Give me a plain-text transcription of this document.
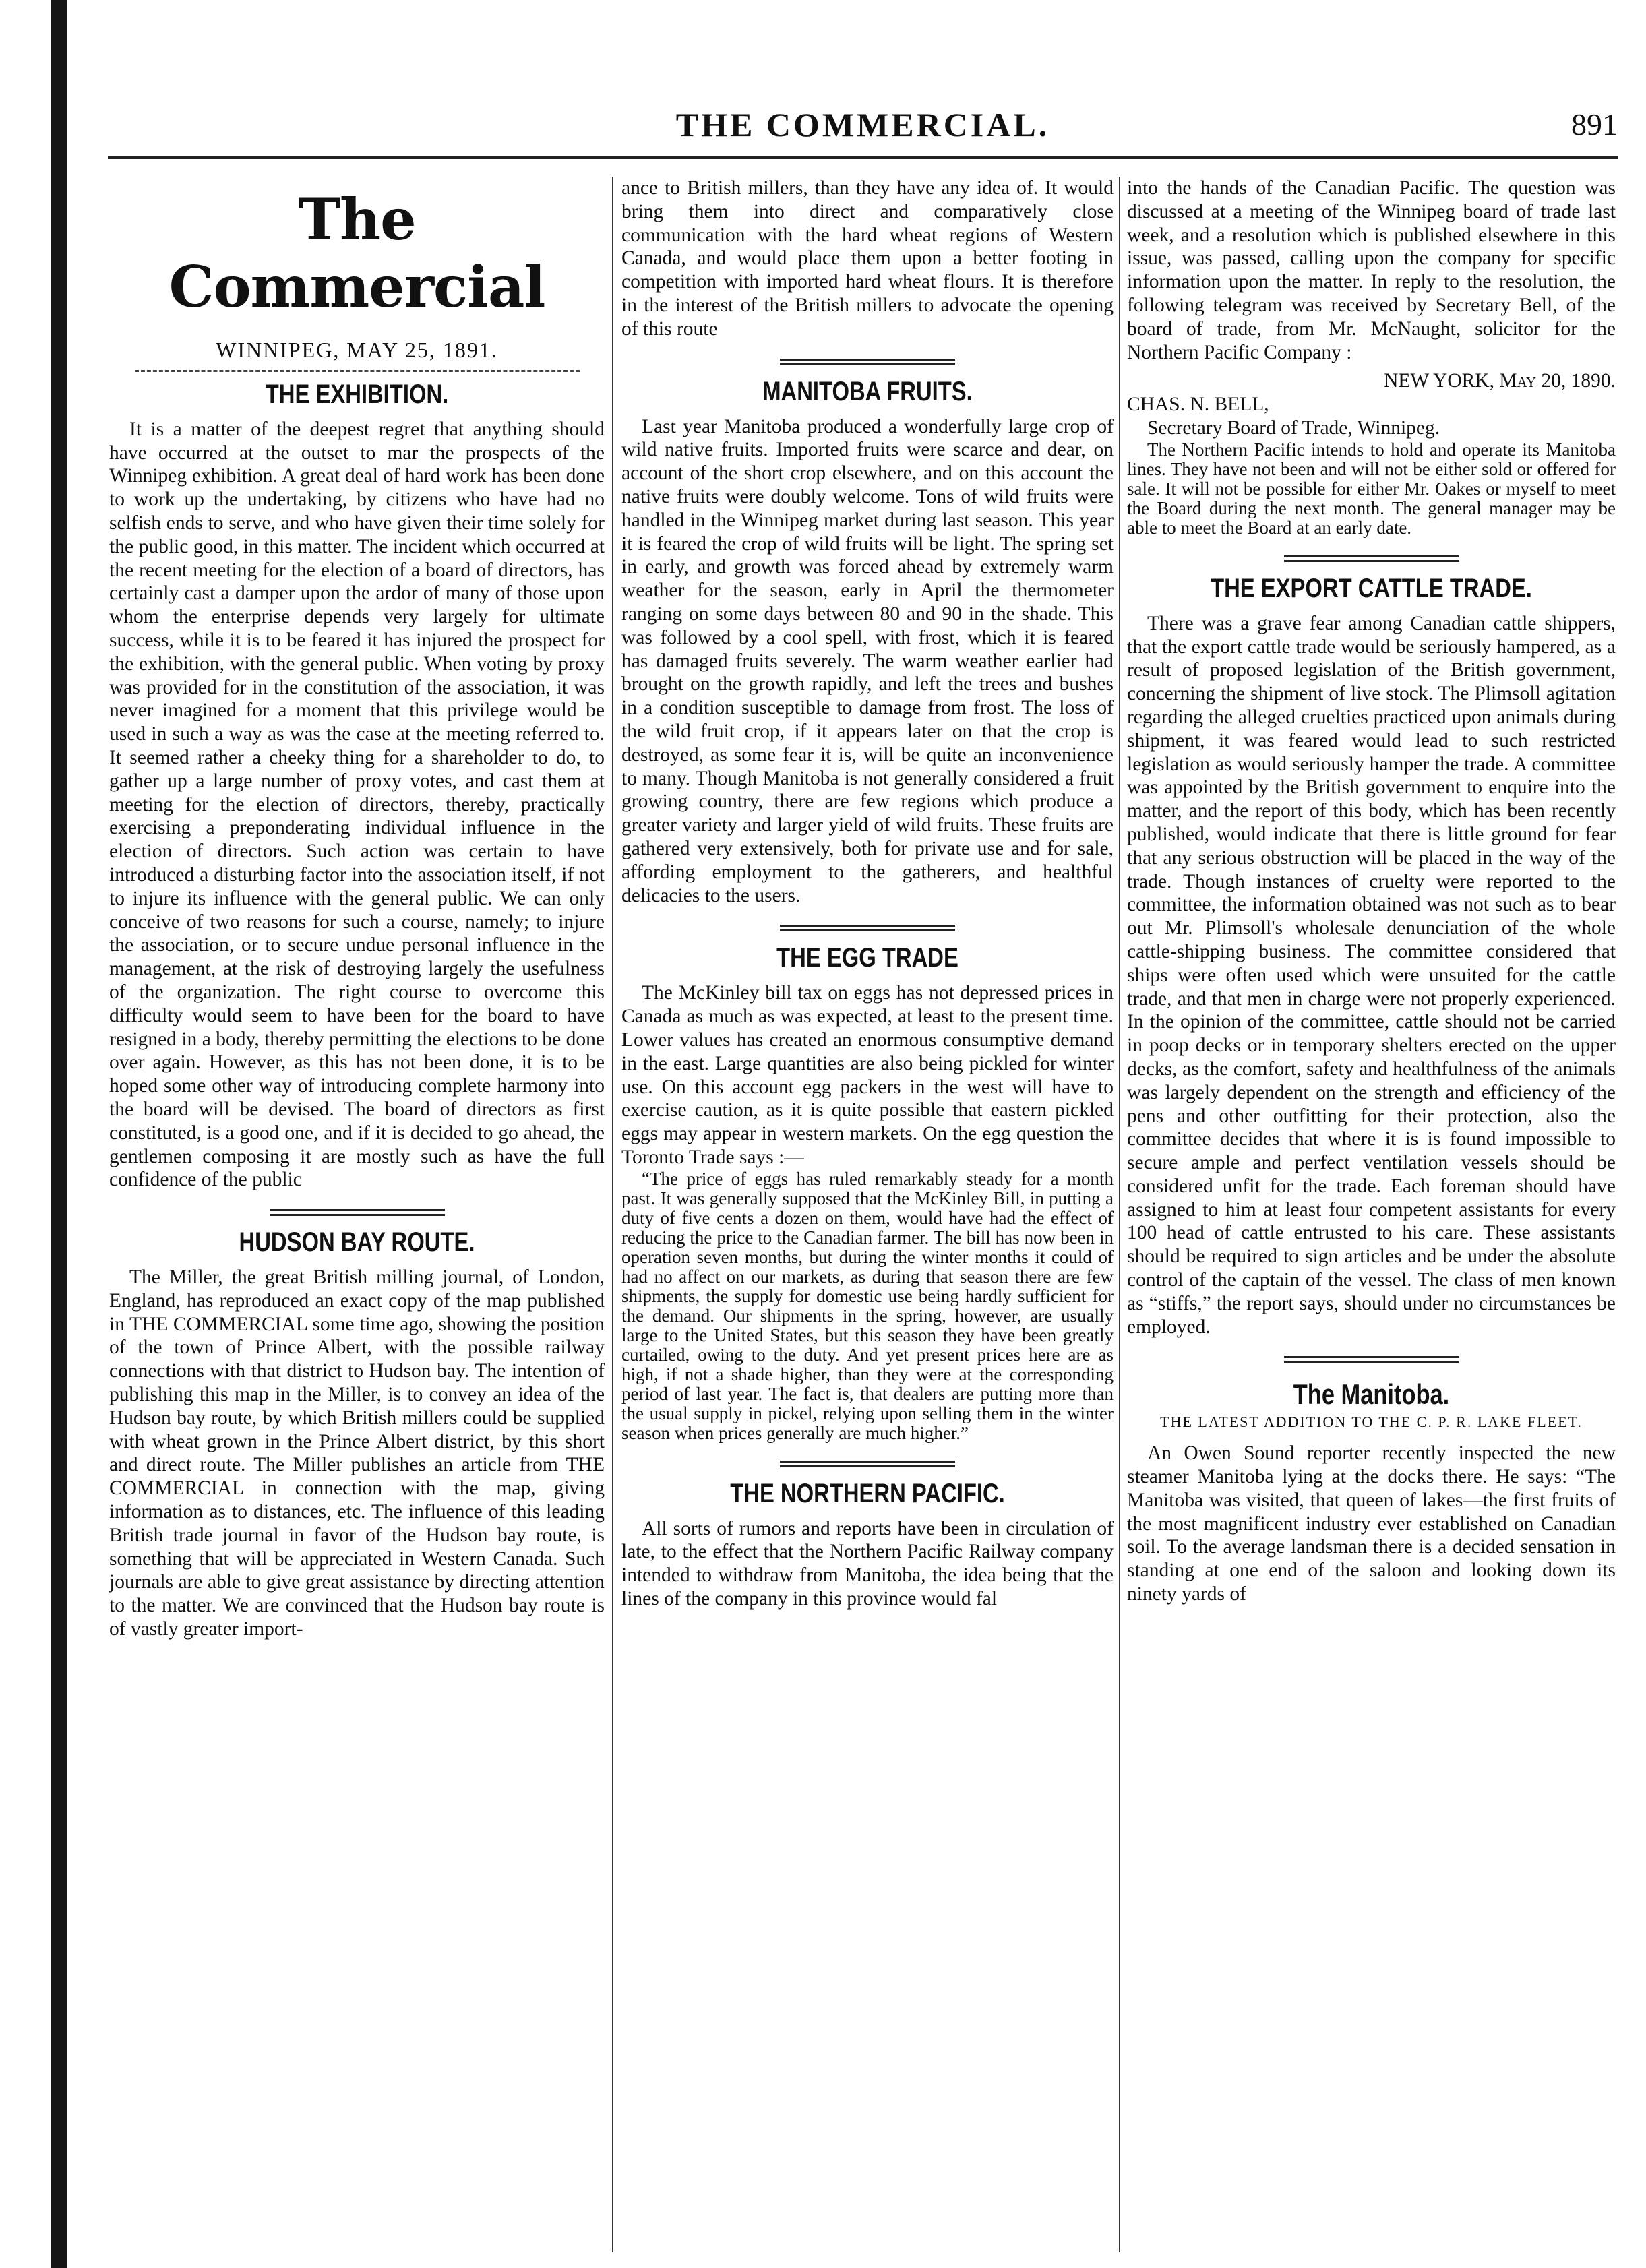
THE COMMERCIAL.	891
The Commercial
WINNIPEG, MAY 25, 1891.
THE EXHIBITION.

It is a matter of the deepest regret that anything should have occurred at the outset to mar the prospects of the Winnipeg exhibition. A great deal of hard work has been done to work up the undertaking, by citizens who have had no selfish ends to serve, and who have given their time solely for the public good, in this matter. The incident which occurred at the recent meeting for the election of a board of directors, has certainly cast a damper upon the ardor of many of those upon whom the enterprise depends very largely for ultimate success, while it is to be feared it has injured the prospect for the exhibition, with the general public. When voting by proxy was provided for in the constitution of the association, it was never imagined for a moment that this privilege would be used in such a way as was the case at the meeting referred to. It seemed rather a cheeky thing for a shareholder to do, to gather up a large number of proxy votes, and cast them at meeting for the election of directors, thereby, practically exercising a preponderating individual influence in the election of directors. Such action was certain to have introduced a disturbing factor into the association itself, if not to injure its influence with the general public. We can only conceive of two reasons for such a course, namely; to injure the association, or to secure undue personal influence in the management, at the risk of destroying largely the usefulness of the organization. The right course to overcome this difficulty would seem to have been for the board to have resigned in a body, thereby permitting the elections to be done over again. However, as this has not been done, it is to be hoped some other way of introducing complete harmony into the board will be devised. The board of directors as first constituted, is a good one, and if it is decided to go ahead, the gentlemen composing it are mostly such as have the full confidence of the public

HUDSON BAY ROUTE.

The Miller, the great British milling journal, of London, England, has reproduced an exact copy of the map published in THE COMMERCIAL some time ago, showing the position of the town of Prince Albert, with the possible railway connections with that district to Hudson bay. The intention of publishing this map in the Miller, is to convey an idea of the Hudson bay route, by which British millers could be supplied with wheat grown in the Prince Albert district, by this short and direct route. The Miller publishes an article from THE COMMERCIAL in connection with the map, giving information as to distances, etc. The influence of this leading British trade journal in favor of the Hudson bay route, is something that will be appreciated in Western Canada. Such journals are able to give great assistance by directing attention to the matter. We are convinced that the Hudson bay route is of vastly greater import-

ance to British millers, than they have any idea of. It would bring them into direct and comparatively close communication with the hard wheat regions of Western Canada, and would place them upon a better footing in competition with imported hard wheat flours. It is therefore in the interest of the British millers to advocate the opening of this route

MANITOBA FRUITS.

Last year Manitoba produced a wonderfully large crop of wild native fruits. Imported fruits were scarce and dear, on account of the short crop elsewhere, and on this account the native fruits were doubly welcome. Tons of wild fruits were handled in the Winnipeg market during last season. This year it is feared the crop of wild fruits will be light. The spring set in early, and growth was forced ahead by extremely warm weather for the season, early in April the thermometer ranging on some days between 80 and 90 in the shade. This was followed by a cool spell, with frost, which it is feared has damaged fruits severely. The warm weather earlier had brought on the growth rapidly, and left the trees and bushes in a condition susceptible to damage from frost. The loss of the wild fruit crop, if it appears later on that the crop is destroyed, as some fear it is, will be quite an inconvenience to many. Though Manitoba is not generally considered a fruit growing country, there are few regions which produce a greater variety and larger yield of wild fruits. These fruits are gathered very extensively, both for private use and for sale, affording employment to the gatherers, and healthful delicacies to the users.

THE EGG TRADE

The McKinley bill tax on eggs has not depressed prices in Canada as much as was expected, at least to the present time. Lower values has created an enormous consumptive demand in the east. Large quantities are also being pickled for winter use. On this account egg packers in the west will have to exercise caution, as it is quite possible that eastern pickled eggs may appear in western markets. On the egg question the Toronto Trade says :—

“The price of eggs has ruled remarkably steady for a month past. It was generally supposed that the McKinley Bill, in putting a duty of five cents a dozen on them, would have had the effect of reducing the price to the Canadian farmer. The bill has now been in operation seven months, but during the winter months it could of had no affect on our markets, as during that season there are few shipments, the supply for domestic use being hardly sufficient for the demand. Our shipments in the spring, however, are usually large to the United States, but this season they have been greatly curtailed, owing to the duty. And yet present prices here are as high, if not a shade higher, than they were at the corresponding period of last year. The fact is, that dealers are putting more than the usual supply in pickel, relying upon selling them in the winter season when prices generally are much higher.”

THE NORTHERN PACIFIC.

All sorts of rumors and reports have been in circulation of late, to the effect that the Northern Pacific Railway company intended to withdraw from Manitoba, the idea being that the lines of the company in this province would fal

into the hands of the Canadian Pacific. The question was discussed at a meeting of the Winnipeg board of trade last week, and a resolution which is published elsewhere in this issue, was passed, calling upon the company for specific information upon the matter. In reply to the resolution, the following telegram was received by Secretary Bell, of the board of trade, from Mr. McNaught, solicitor for the Northern Pacific Company :

NEW YORK, May 20, 1890.

CHAS. N. BELL,

Secretary Board of Trade, Winnipeg.

The Northern Pacific intends to hold and operate its Manitoba lines. They have not been and will not be either sold or offered for sale. It will not be possible for either Mr. Oakes or myself to meet the Board during the next month. The general manager may be able to meet the Board at an early date.

THE EXPORT CATTLE TRADE.

There was a grave fear among Canadian cattle shippers, that the export cattle trade would be seriously hampered, as a result of proposed legislation of the British government, concerning the shipment of live stock. The Plimsoll agitation regarding the alleged cruelties practiced upon animals during shipment, it was feared would lead to such restricted legislation as would seriously hamper the trade. A committee was appointed by the British government to enquire into the matter, and the report of this body, which has been recently published, would indicate that there is little ground for fear that any serious obstruction will be placed in the way of the trade. Though instances of cruelty were reported to the committee, the information obtained was not such as to bear out Mr. Plimsoll's wholesale denunciation of the whole cattle-shipping business. The committee considered that ships were often used which were unsuited for the cattle trade, and that men in charge were not properly experienced. In the opinion of the committee, cattle should not be carried in poop decks or in temporary shelters erected on the upper decks, as the comfort, safety and healthfulness of the animals was largely dependent on the strength and efficiency of the pens and other outfitting for their protection, also the committee decides that where it is is found impossible to secure ample and perfect ventilation vessels should be considered unfit for the trade. Each foreman should have assigned to him at least four competent assistants for every 100 head of cattle entrusted to his care. These assistants should be required to sign articles and be under the absolute control of the captain of the vessel. The class of men known as “stiffs,” the report says, should under no circumstances be employed.

The Manitoba.
THE LATEST ADDITION TO THE C. P. R. LAKE FLEET.

An Owen Sound reporter recently inspected the new steamer Manitoba lying at the docks there. He says: “The Manitoba was visited, that queen of lakes—the first fruits of the most magnificent industry ever established on Canadian soil. To the average landsman there is a decided sensation in standing at one end of the saloon and looking down its ninety yards of
